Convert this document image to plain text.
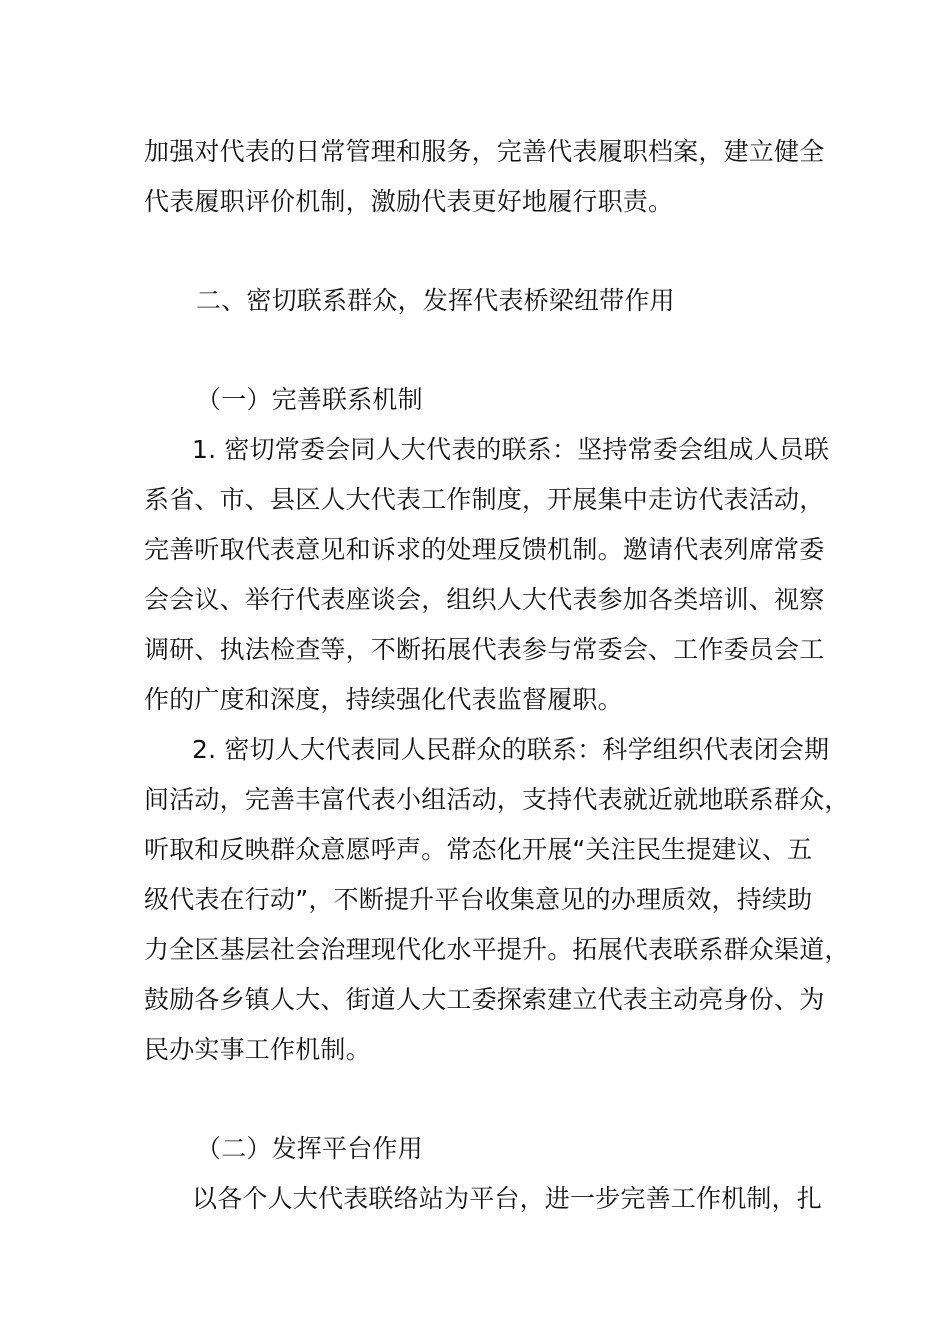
加强对代表的日常管理和服务，完善代表履职档案，建立健全
代表履职评价机制，激励代表更好地履行职责。
二、密切联系群众，发挥代表桥梁纽带作用
（一）完善联系机制
1. 密切常委会同人大代表的联系：坚持常委会组成人员联
系省、市、县区人大代表工作制度，开展集中走访代表活动，
完善听取代表意见和诉求的处理反馈机制。邀请代表列席常委
会会议、举行代表座谈会，组织人大代表参加各类培训、视察
调研、执法检查等，不断拓展代表参与常委会、工作委员会工
作的广度和深度，持续强化代表监督履职。
2. 密切人大代表同人民群众的联系：科学组织代表闭会期
间活动，完善丰富代表小组活动，支持代表就近就地联系群众，
听取和反映群众意愿呼声。常态化开展“关注民生提建议、五
级代表在行动”，不断提升平台收集意见的办理质效，持续助
力全区基层社会治理现代化水平提升。拓展代表联系群众渠道，
鼓励各乡镇人大、街道人大工委探索建立代表主动亮身份、为
民办实事工作机制。
（二）发挥平台作用
以各个人大代表联络站为平台，进一步完善工作机制，扎
